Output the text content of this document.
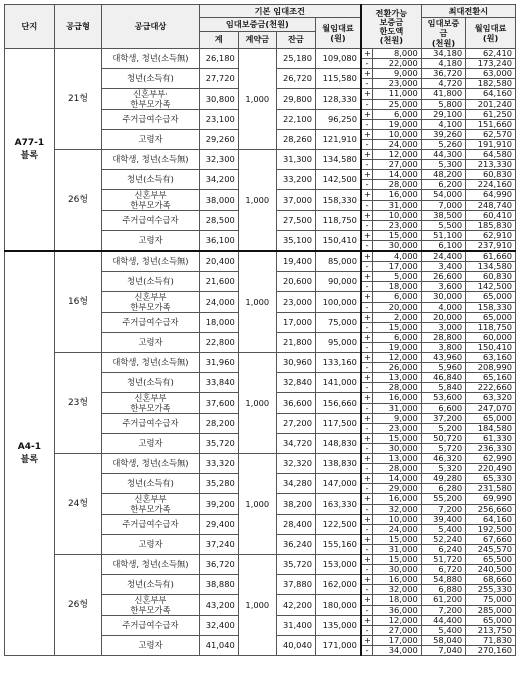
단지	공급형	공급대상	기본 임대조건				전환가능
보증금
한도액
(천원)		최대전환시	
			임대보증금(천원)			월임대료
(원)			임대보증금
(천원)	월임대료
(원)
			계	계약금	잔금					
A77-1
블록	21형	대학생, 청년(소득無)	26,180	1,000	25,180	109,080	+	8,000	34,180	62,410
							-	22,000	4,180	173,240
		청년(소득有)	27,720		26,720	115,580	+	9,000	36,720	63,000
							-	23,000	4,720	182,580
		신혼부부·
한부모가족	30,800		29,800	128,330	+	11,000	41,800	64,160
							-	25,000	5,800	201,240
		주거급여수급자	23,100		22,100	96,250	+	6,000	29,100	61,250
							-	19,000	4,100	151,660
		고령자	29,260		28,260	121,910	+	10,000	39,260	62,570
							-	24,000	5,260	191,910
	26형	대학생, 청년(소득無)	32,300	1,000	31,300	134,580	+	12,000	44,300	64,580
							-	27,000	5,300	213,330
		청년(소득有)	34,200		33,200	142,500	+	14,000	48,200	60,830
							-	28,000	6,200	224,160
		신혼부부
한부모가족	38,000		37,000	158,330	+	16,000	54,000	64,990
							-	31,000	7,000	248,740
		주거급여수급자	28,500		27,500	118,750	+	10,000	38,500	60,410
							-	23,000	5,500	185,830
		고령자	36,100		35,100	150,410	+	15,000	51,100	62,910
							-	30,000	6,100	237,910
A4-1
블록	16형	대학생, 청년(소득無)	20,400	1,000	19,400	85,000	+	4,000	24,400	61,660
							-	17,000	3,400	134,580
		청년(소득有)	21,600		20,600	90,000	+	5,000	26,600	60,830
							-	18,000	3,600	142,500
		신혼부부
한부모가족	24,000		23,000	100,000	+	6,000	30,000	65,000
							-	20,000	4,000	158,330
		주거급여수급자	18,000		17,000	75,000	+	2,000	20,000	65,000
							-	15,000	3,000	118,750
		고령자	22,800		21,800	95,000	+	6,000	28,800	60,000
							-	19,000	3,800	150,410
	23형	대학생, 청년(소득無)	31,960	1,000	30,960	133,160	+	12,000	43,960	63,160
							-	26,000	5,960	208,990
		청년(소득有)	33,840		32,840	141,000	+	13,000	46,840	65,160
							-	28,000	5,840	222,660
		신혼부부
한부모가족	37,600		36,600	156,660	+	16,000	53,600	63,320
							-	31,000	6,600	247,070
		주거급여수급자	28,200		27,200	117,500	+	9,000	37,200	65,000
							-	23,000	5,200	184,580
		고령자	35,720		34,720	148,830	+	15,000	50,720	61,330
							-	30,000	5,720	236,330
	24형	대학생, 청년(소득無)	33,320	1,000	32,320	138,830	+	13,000	46,320	62,990
							-	28,000	5,320	220,490
		청년(소득有)	35,280		34,280	147,000	+	14,000	49,280	65,330
							-	29,000	6,280	231,580
		신혼부부
한부모가족	39,200		38,200	163,330	+	16,000	55,200	69,990
							-	32,000	7,200	256,660
		주거급여수급자	29,400		28,400	122,500	+	10,000	39,400	64,160
							-	24,000	5,400	192,500
		고령자	37,240		36,240	155,160	+	15,000	52,240	67,660
							-	31,000	6,240	245,570
	26형	대학생, 청년(소득無)	36,720	1,000	35,720	153,000	+	15,000	51,720	65,500
							-	30,000	6,720	240,500
		청년(소득有)	38,880		37,880	162,000	+	16,000	54,880	68,660
							-	32,000	6,880	255,330
		신혼부부
한부모가족	43,200		42,200	180,000	+	18,000	61,200	75,000
							-	36,000	7,200	285,000
		주거급여수급자	32,400		31,400	135,000	+	12,000	44,400	65,000
							-	27,000	5,400	213,750
		고령자	41,040		40,040	171,000	+	17,000	58,040	71,830
							-	34,000	7,040	270,160
